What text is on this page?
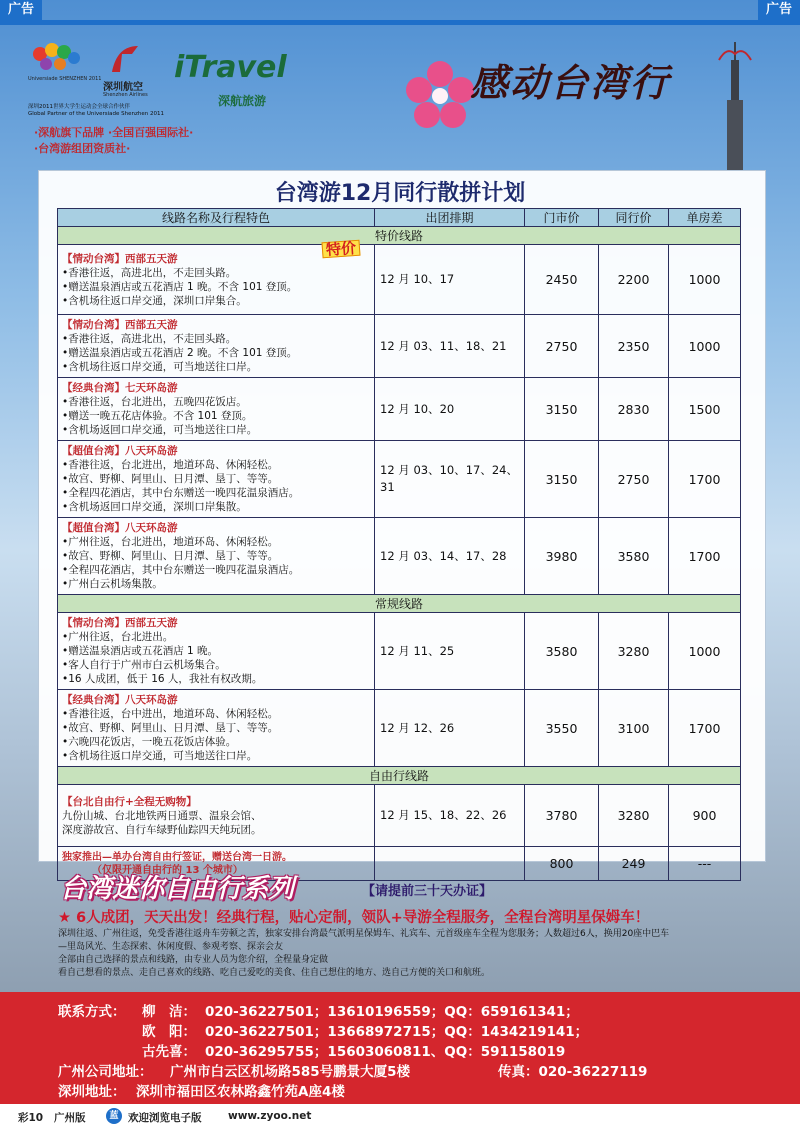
广告	广告
Universiade SHENZHEN 2011
深圳航空
Shenzhen Airlines
深圳2011世界大学生运动会全球合作伙伴
Global Partner of the Universiade Shenzhen 2011
iTravel
深航旅游
·深航旗下品牌 ·全国百强国际社·
·台湾游组团资质社·
感动台湾行
台湾游12月同行散拼计划
线路名称及行程特色	出团排期	门市价	同行价	单房差
特价线路				

【情动台湾】西部五天游 特价
•香港往返，高进北出，不走回头路。
•赠送温泉酒店或五花酒店 1 晚。不含 101 登顶。
•含机场往返口岸交通，深圳口岸集合。	12 月 10、17	2450	2200	1000

【情动台湾】西部五天游
•香港往返，高进北出，不走回头路。
•赠送温泉酒店或五花酒店 2 晚。不含 101 登顶。
•含机场往返口岸交通，可当地送往口岸。	12 月 03、11、18、21	2750	2350	1000

【经典台湾】七天环岛游
•香港往返，台北进出，五晚四花饭店。
•赠送一晚五花店体验。不含 101 登顶。
•含机场返回口岸交通，可当地送往口岸。	12 月 10、20	3150	2830	1500

【超值台湾】八天环岛游
•香港往返，台北进出，地道环岛、休闲轻松。
•故宫、野柳、阿里山、日月潭、垦丁、等等。
•全程四花酒店，其中台东赠送一晚四花温泉酒店。
•含机场返回口岸交通，深圳口岸集散。	12 月 03、10、17、24、31	3150	2750	1700

【超值台湾】八天环岛游
•广州往返，台北进出，地道环岛、休闲轻松。
•故宫、野柳、阿里山、日月潭、垦丁、等等。
•全程四花酒店，其中台东赠送一晚四花温泉酒店。
•广州白云机场集散。	12 月 03、14、17、28	3980	3580	1700
常规线路				

【情动台湾】西部五天游
•广州往返，台北进出。
•赠送温泉酒店或五花酒店 1 晚。
•客人自行于广州市白云机场集合。
•16 人成团，低于 16 人，我社有权改期。	12 月 11、25	3580	3280	1000

【经典台湾】八天环岛游
•香港往返，台中进出，地道环岛、休闲轻松。
•故宫、野柳、阿里山、日月潭、垦丁、等等。
•六晚四花饭店，一晚五花饭店体验。
•含机场往返口岸交通，可当地送往口岸。	12 月 12、26	3550	3100	1700
自由行线路				

【台北自由行+全程无购物】
九份山城、台北地铁两日通票、温泉会馆、
深度游故宫、自行车绿野仙踪四天纯玩团。	12 月 15、18、22、26	3780	3280	900

独家推出—单办台湾自由行签证，赠送台湾一日游。
（仅限开通自由行的 13 个城市）		800	249	---
台湾迷你自由行系列	【请提前三十天办证】
★ 6人成团，天天出发！经典行程，贴心定制，领队+导游全程服务，全程台湾明星保姆车！
深圳往返、广州往返，免受香港往返舟车劳顿之苦，独家安排台湾最气派明星保姆车、礼宾车、元首级座车全程为您服务；人数超过6人，换用20座中巴车
—里岛风光、生态探索、休闲度假、参观考察、探亲会友
全部由自己选择的景点和线路，由专业人员为您介绍，全程量身定做
看自己想看的景点、走自己喜欢的线路、吃自己爱吃的美食、住自己想住的地方、选自己方便的关口和航班。
联系方式： 柳　洁： 020-36227501；13610196559；QQ：659161341；
欧　阳： 020-36227501；13668972715；QQ：1434219141；
古先喜： 020-36295755；15603060811、QQ：591158019
广州公司地址： 广州市白云区机场路585号鹏景大厦5楼	传真：020-36227119
深圳地址： 深圳市福田区农林路鑫竹苑A座4楼
彩10 广州版	蓝 欢迎浏览电子版	www.zyoo.net
